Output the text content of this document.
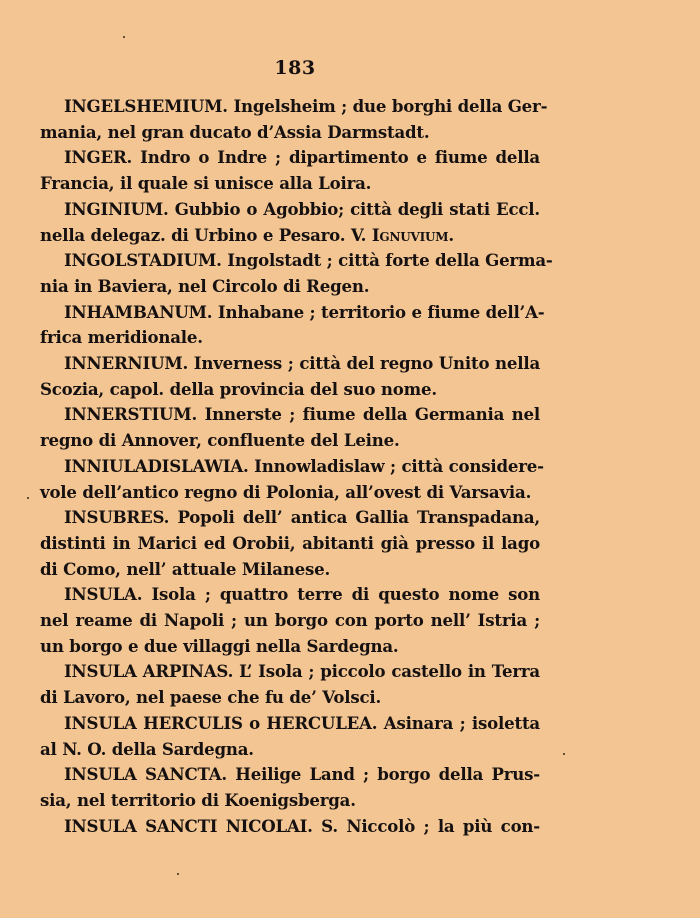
183

INGELSHEMIUM. Ingelsheim ; due borghi della Ger-
mania, nel gran ducato d’Assia Darmstadt.

INGER. Indro o Indre ; dipartimento e fiume della
Francia, il quale si unisce alla Loira.

INGINIUM. Gubbio o Agobbio; città degli stati Eccl.
nella delegaz. di Urbino e Pesaro. V. Ignuvium.

INGOLSTADIUM. Ingolstadt ; città forte della Germa-
nia in Baviera, nel Circolo di Regen.

INHAMBANUM. Inhabane ; territorio e fiume dell’A-
frica meridionale.

INNERNIUM. Inverness ; città del regno Unito nella
Scozia, capol. della provincia del suo nome.

INNERSTIUM. Innerste ; fiume della Germania nel
regno di Annover, confluente del Leine.

INNIULADISLAWIA. Innowladislaw ; città considere-
vole dell’antico regno di Polonia, all’ovest di Varsavia.

INSUBRES. Popoli dell’ antica Gallia Transpadana,
distinti in Marici ed Orobii, abitanti già presso il lago
di Como, nell’ attuale Milanese.

INSULA. Isola ; quattro terre di questo nome son
nel reame di Napoli ; un borgo con porto nell’ Istria ;
un borgo e due villaggi nella Sardegna.

INSULA ARPINAS. L’ Isola ; piccolo castello in Terra
di Lavoro, nel paese che fu de’ Volsci.

INSULA HERCULIS o HERCULEA. Asinara ; isoletta
al N. O. della Sardegna.

INSULA SANCTA. Heilige Land ; borgo della Prus-
sia, nel territorio di Koenigsberga.

INSULA SANCTI NICOLAI. S. Niccolò ; la più con-
